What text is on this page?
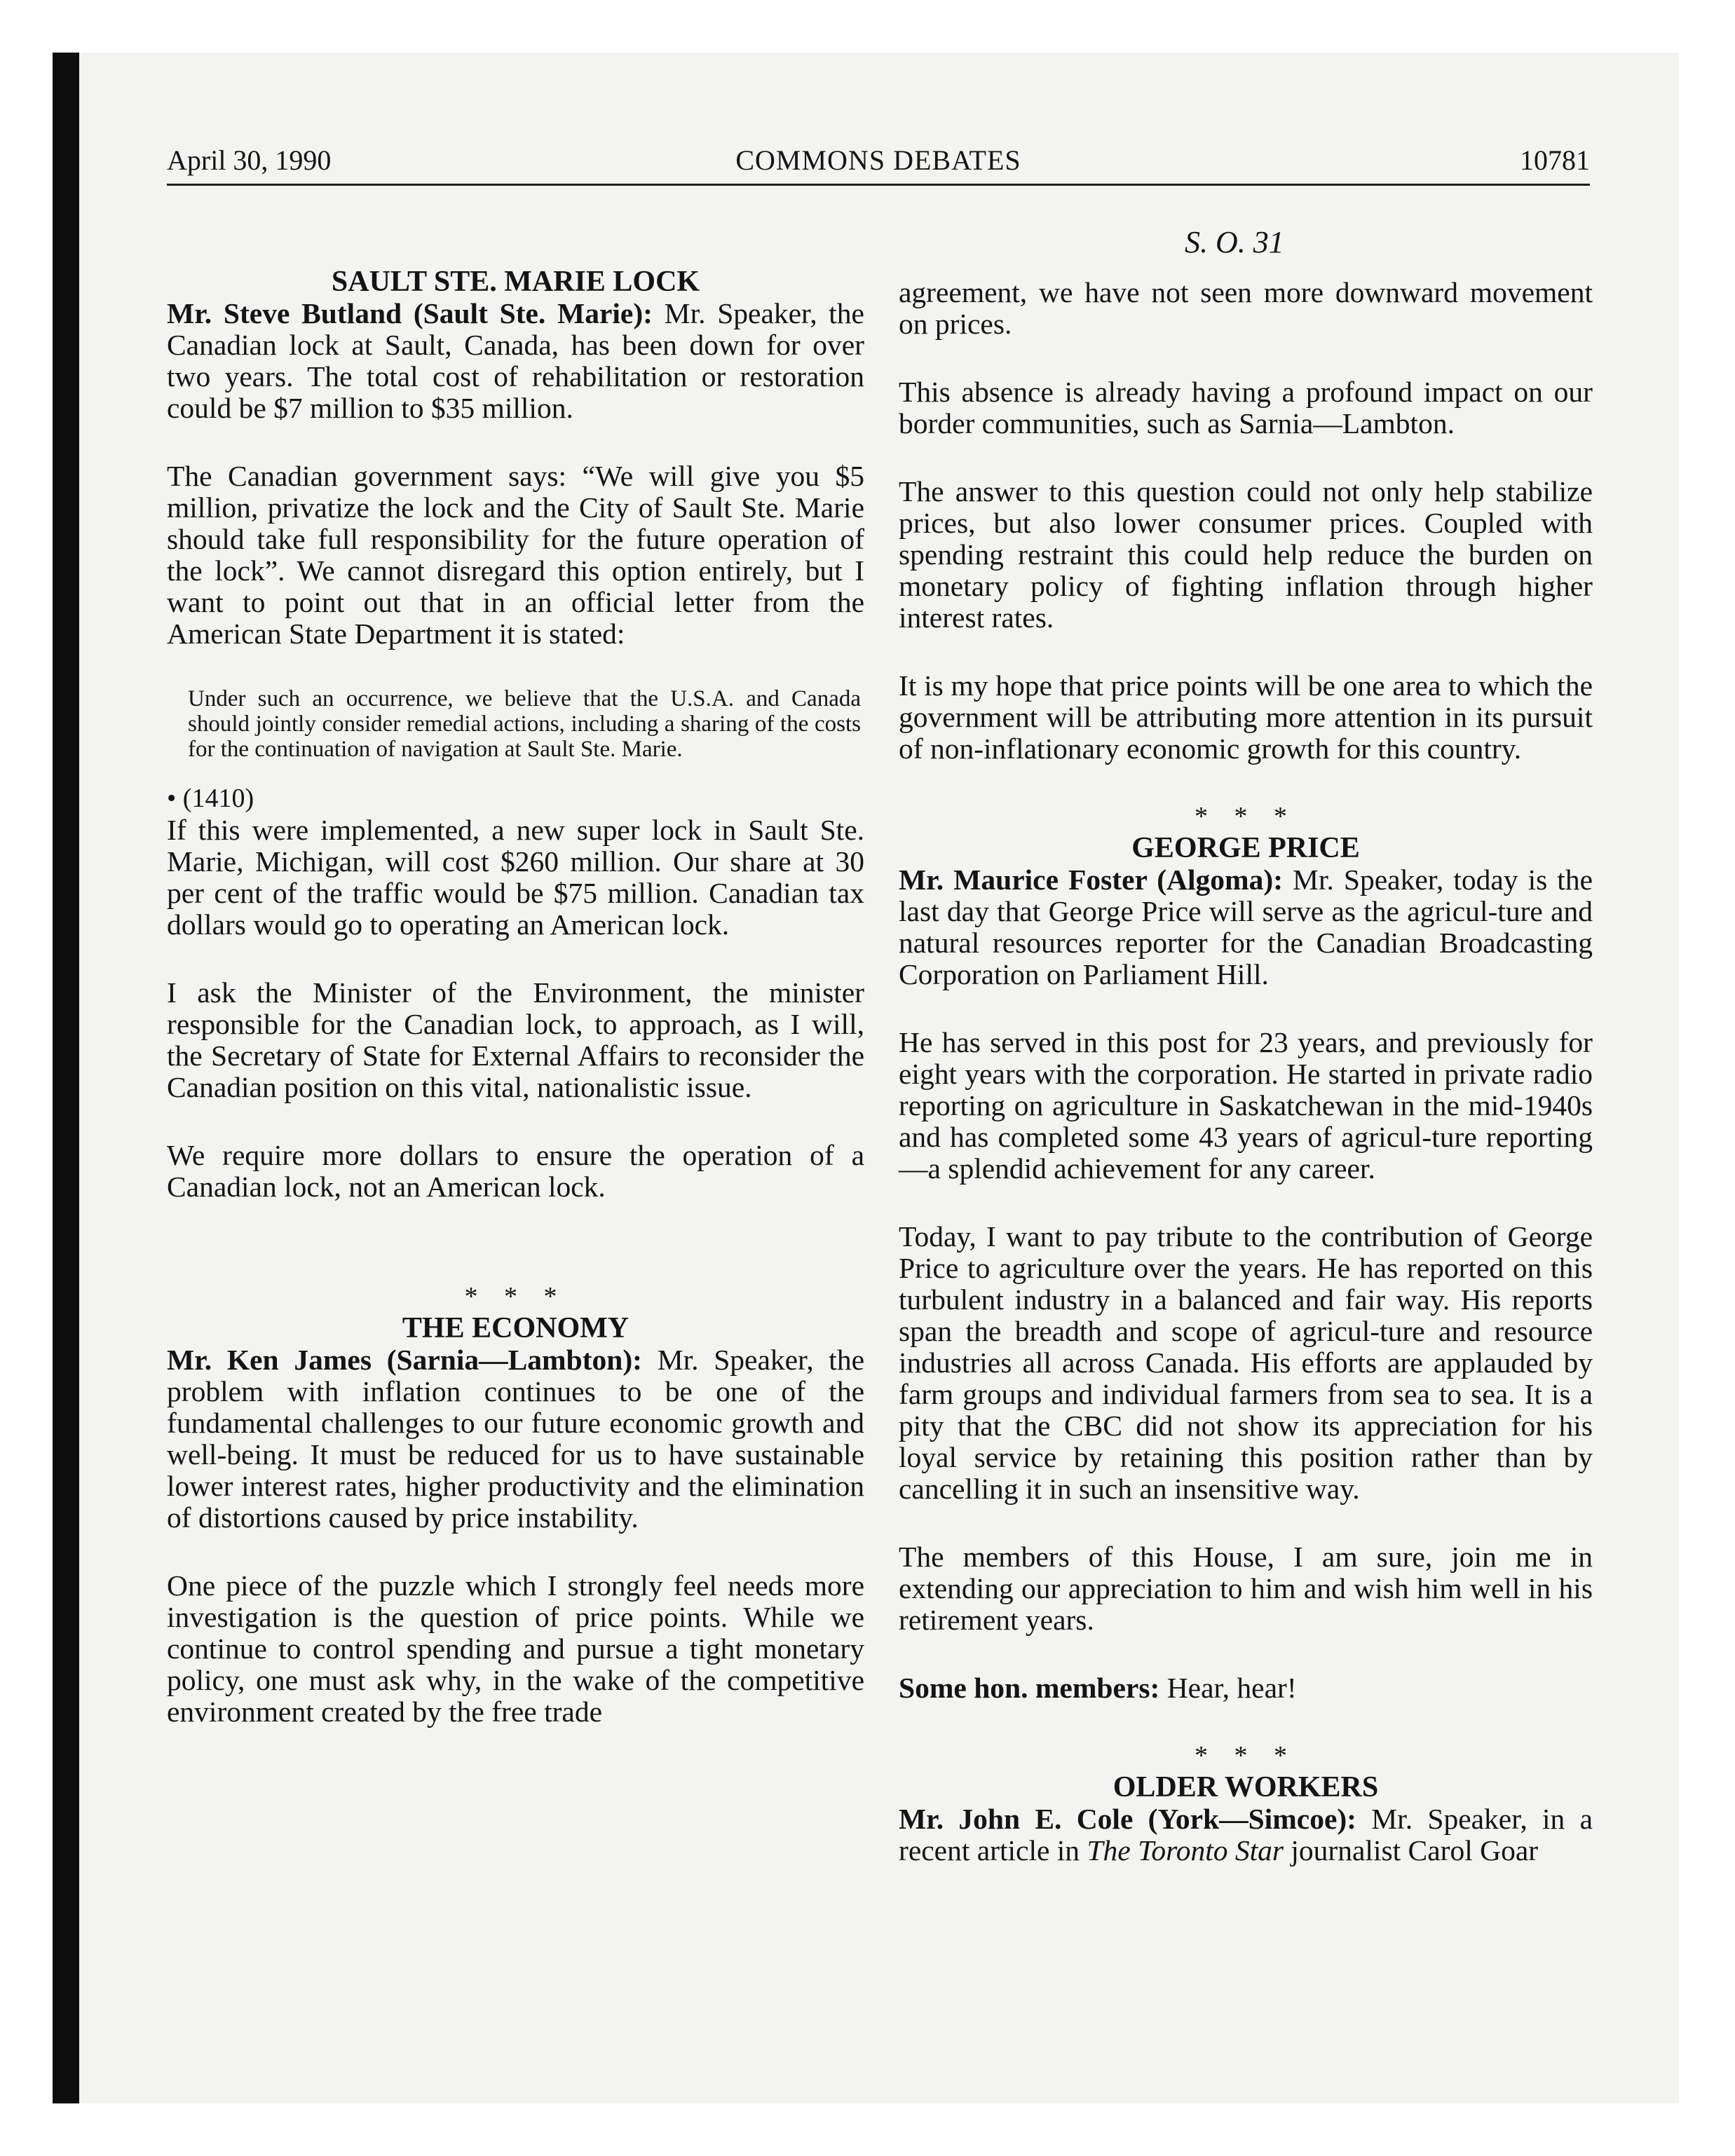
April 30, 1990	COMMONS DEBATES	10781
S. O. 31

SAULT STE. MARIE LOCK

Mr. Steve Butland (Sault Ste. Marie): Mr. Speaker, the Canadian lock at Sault, Canada, has been down for over two years. The total cost of rehabilitation or restoration could be $7 million to $35 million.

The Canadian government says: “We will give you $5 million, privatize the lock and the City of Sault Ste. Marie should take full responsibility for the future operation of the lock”. We cannot disregard this option entirely, but I want to point out that in an official letter from the American State Department it is stated:

Under such an occurrence, we believe that the U.S.A. and Canada should jointly consider remedial actions, including a sharing of the costs for the continuation of navigation at Sault Ste. Marie.

• (1410)

If this were implemented, a new super lock in Sault Ste. Marie, Michigan, will cost $260 million. Our share at 30 per cent of the traffic would be $75 million. Canadian tax dollars would go to operating an American lock.

I ask the Minister of the Environment, the minister responsible for the Canadian lock, to approach, as I will, the Secretary of State for External Affairs to reconsider the Canadian position on this vital, nationalistic issue.

We require more dollars to ensure the operation of a Canadian lock, not an American lock.

* * *

THE ECONOMY

Mr. Ken James (Sarnia—Lambton): Mr. Speaker, the problem with inflation continues to be one of the fundamental challenges to our future economic growth and well-being. It must be reduced for us to have sustainable lower interest rates, higher productivity and the elimination of distortions caused by price instability.

One piece of the puzzle which I strongly feel needs more investigation is the question of price points. While we continue to control spending and pursue a tight monetary policy, one must ask why, in the wake of the competitive environment created by the free trade

agreement, we have not seen more downward movement on prices.

This absence is already having a profound impact on our border communities, such as Sarnia—Lambton.

The answer to this question could not only help stabilize prices, but also lower consumer prices. Coupled with spending restraint this could help reduce the burden on monetary policy of fighting inflation through higher interest rates.

It is my hope that price points will be one area to which the government will be attributing more attention in its pursuit of non-inflationary economic growth for this country.

* * *

GEORGE PRICE

Mr. Maurice Foster (Algoma): Mr. Speaker, today is the last day that George Price will serve as the agricul-ture and natural resources reporter for the Canadian Broadcasting Corporation on Parliament Hill.

He has served in this post for 23 years, and previously for eight years with the corporation. He started in private radio reporting on agriculture in Saskatchewan in the mid-1940s and has completed some 43 years of agricul-ture reporting—a splendid achievement for any career.

Today, I want to pay tribute to the contribution of George Price to agriculture over the years. He has reported on this turbulent industry in a balanced and fair way. His reports span the breadth and scope of agricul-ture and resource industries all across Canada. His efforts are applauded by farm groups and individual farmers from sea to sea. It is a pity that the CBC did not show its appreciation for his loyal service by retaining this position rather than by cancelling it in such an insensitive way.

The members of this House, I am sure, join me in extending our appreciation to him and wish him well in his retirement years.

Some hon. members: Hear, hear!

* * *

OLDER WORKERS

Mr. John E. Cole (York—Simcoe): Mr. Speaker, in a recent article in The Toronto Star journalist Carol Goar
